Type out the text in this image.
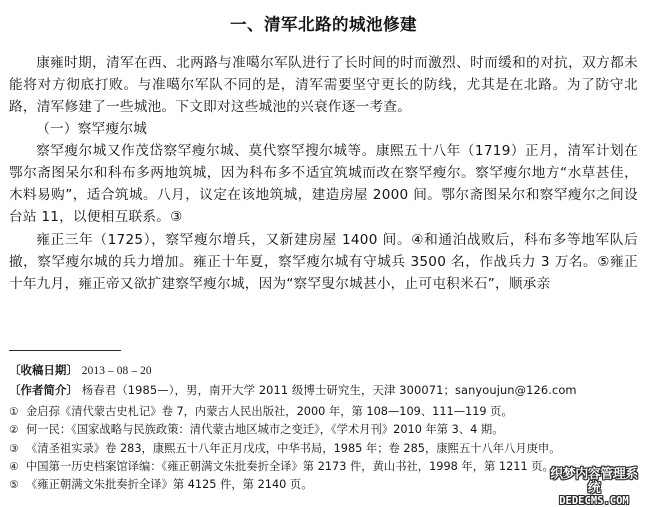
一、清军北路的城池修建

康雍时期，清军在西、北两路与准噶尔军队进行了长时间的时而激烈、时而缓和的对抗，双方都未能将对方彻底打败。与准噶尔军队不同的是，清军需要坚守更长的防线，尤其是在北路。为了防守北路，清军修建了一些城池。下文即对这些城池的兴衰作逐一考查。

（一）察罕瘦尔城

察罕瘦尔城又作茂岱察罕瘦尔城、莫代察罕搜尔城等。康熙五十八年（1719）正月，清军计划在鄂尔斋图呆尔和科布多两地筑城，因为科布多不适宜筑城而改在察罕瘦尔。察罕瘦尔地方“水草甚佳，木料易购”，适合筑城。八月，议定在该地筑城，建造房屋 2000 间。鄂尔斋图呆尔和察罕瘦尔之间设台站 11，以便相互联系。③

雍正三年（1725），察罕瘦尔增兵，又新建房屋 1400 间。④和通泊战败后，科布多等地军队后撤，察罕瘦尔城的兵力增加。雍正十年夏，察罕瘦尔城有守城兵 3500 名，作战兵力 3 万名。⑤雍正十年九月，雍正帝又欲扩建察罕瘦尔城，因为“察罕叟尔城甚小，止可屯积米石”，顺承亲

〔收稿日期〕 2013 – 08 – 20
〔作者简介〕 杨春君（1985—），男，南开大学 2011 级博士研究生，天津 300071；sanyoujun@126.com
① 金启孮《清代蒙古史札记》卷 7，内蒙古人民出版社，2000 年，第 108—109、111—119 页。
② 何一民：《国家战略与民族政策：清代蒙古地区城市之变迁》，《学术月刊》2010 年第 3、4 期。
③ 《清圣祖实录》卷 283，康熙五十八年正月戊戌，中华书局，1985 年；卷 285，康熙五十八年八月庚申。
④ 中国第一历史档案馆译编：《雍正朝满文朱批奏折全译》第 2173 件，黄山书社，1998 年，第 1211 页。
⑤ 《雍正朝满文朱批奏折全译》第 4125 件，第 2140 页。
织梦内容管理系统
DEDECMS.COM
